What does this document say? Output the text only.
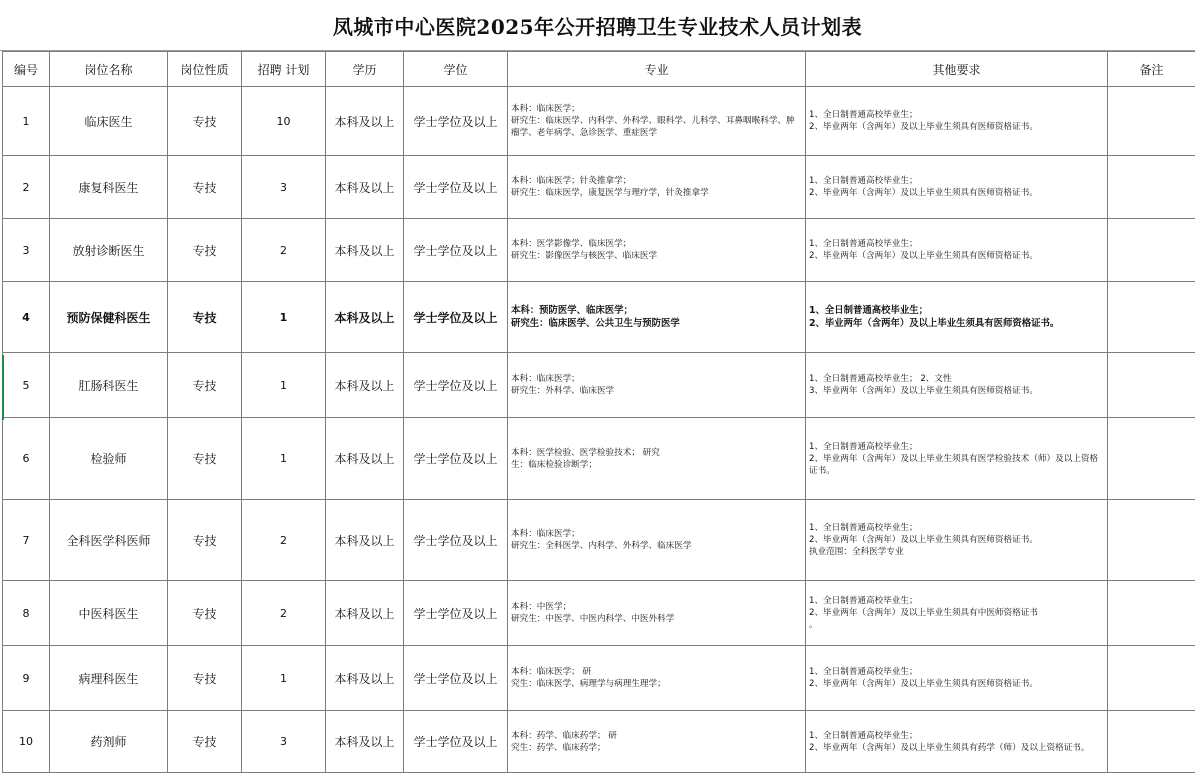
凤城市中心医院2025年公开招聘卫生专业技术人员计划表
编号	岗位名称	岗位性质	招聘 计划	学历	学位	专业	其他要求	备注
1	临床医生	专技	10	本科及以上	学士学位及以上	本科：临床医学；
研究生：临床医学、内科学、外科学、眼科学、儿科学、耳鼻咽喉科学、肿瘤学、老年病学、急诊医学、重症医学	1、全日制普通高校毕业生；
2、毕业两年（含两年）及以上毕业生须具有医师资格证书。	
2	康复科医生	专技	3	本科及以上	学士学位及以上	本科：临床医学；针灸推拿学；
研究生：临床医学，康复医学与理疗学，针灸推拿学	1、全日制普通高校毕业生；
2、毕业两年（含两年）及以上毕业生须具有医师资格证书。	
3	放射诊断医生	专技	2	本科及以上	学士学位及以上	本科：医学影像学、临床医学；
研究生：影像医学与核医学、临床医学	1、全日制普通高校毕业生；
2、毕业两年（含两年）及以上毕业生须具有医师资格证书。	
4	预防保健科医生	专技	1	本科及以上	学士学位及以上	本科：预防医学、临床医学；
研究生：临床医学、公共卫生与预防医学	1、全日制普通高校毕业生；
2、毕业两年（含两年）及以上毕业生须具有医师资格证书。	
5	肛肠科医生	专技	1	本科及以上	学士学位及以上	本科：临床医学；
研究生：外科学、临床医学	1、全日制普通高校毕业生； 2、文性
3、毕业两年（含两年）及以上毕业生须具有医师资格证书。	
6	检验师	专技	1	本科及以上	学士学位及以上	本科：医学检验、医学检验技术； 研究
生：临床检验诊断学；	1、全日制普通高校毕业生；
2、毕业两年（含两年）及以上毕业生须具有医学检验技术（师）及以上资格证书。	
7	全科医学科医师	专技	2	本科及以上	学士学位及以上	本科：临床医学；
研究生：全科医学、内科学、外科学、临床医学	1、全日制普通高校毕业生；
2、毕业两年（含两年）及以上毕业生须具有医师资格证书。
执业范围：全科医学专业	
8	中医科医生	专技	2	本科及以上	学士学位及以上	本科：中医学；
研究生：中医学、中医内科学、中医外科学	1、全日制普通高校毕业生；
2、毕业两年（含两年）及以上毕业生须具有中医师资格证书
。	
9	病理科医生	专技	1	本科及以上	学士学位及以上	本科：临床医学； 研
究生：临床医学、病理学与病理生理学；	1、全日制普通高校毕业生；
2、毕业两年（含两年）及以上毕业生须具有医师资格证书。	
10	药剂师	专技	3	本科及以上	学士学位及以上	本科：药学、临床药学； 研
究生：药学、临床药学；	1、全日制普通高校毕业生；
2、毕业两年（含两年）及以上毕业生须具有药学（师）及以上资格证书。	
